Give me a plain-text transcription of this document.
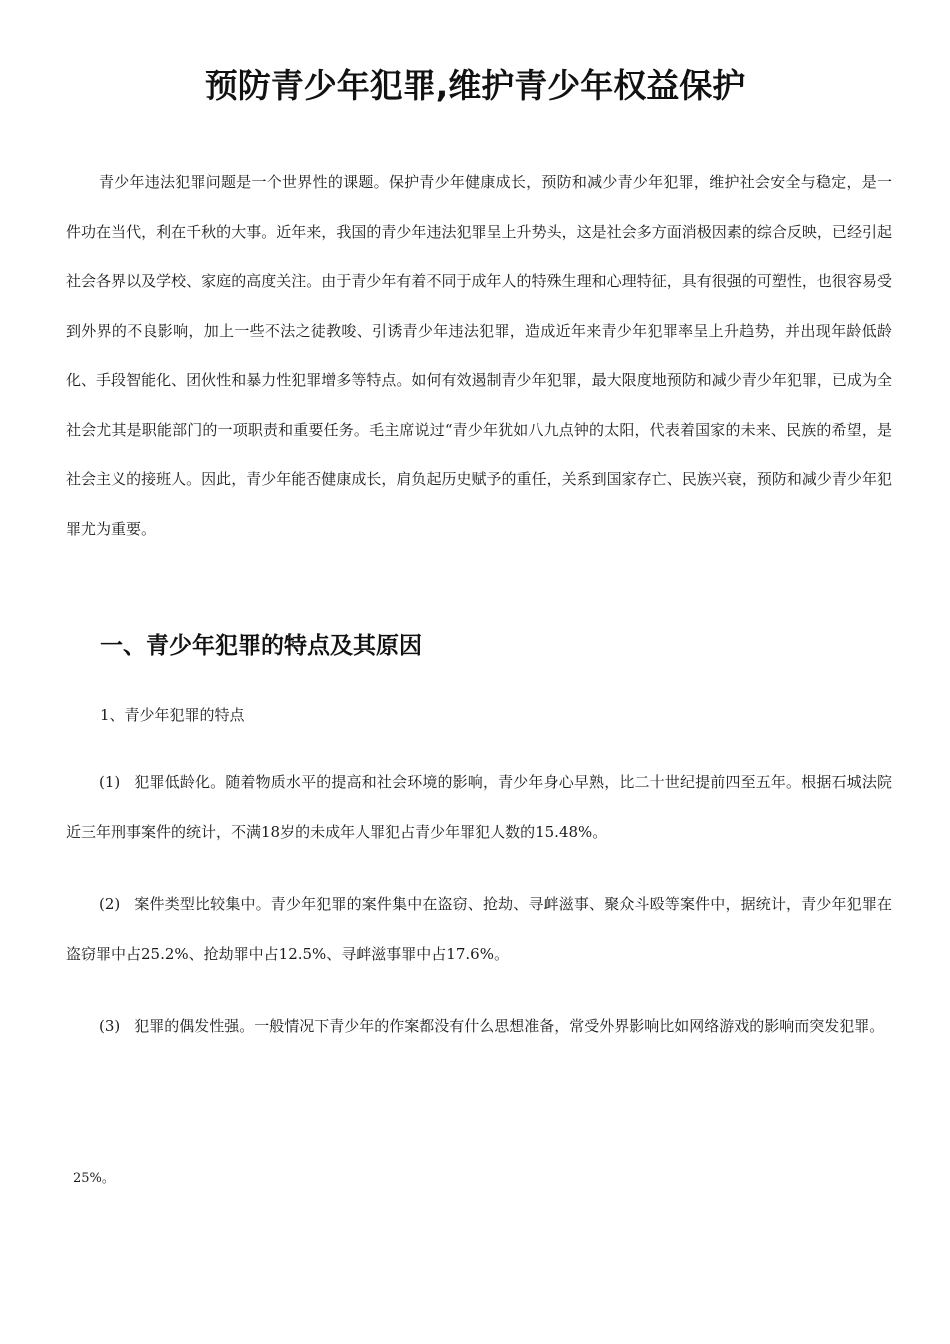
预防青少年犯罪,维护青少年权益保护

青少年违法犯罪问题是一个世界性的课题。保护青少年健康成长，预防和减少青少年犯罪，维护社会安全与稳定，是一件功在当代，利在千秋的大事。近年来，我国的青少年违法犯罪呈上升势头，这是社会多方面消极因素的综合反映，已经引起社会各界以及学校、家庭的高度关注。由于青少年有着不同于成年人的特殊生理和心理特征，具有很强的可塑性，也很容易受到外界的不良影响，加上一些不法之徒教唆、引诱青少年违法犯罪，造成近年来青少年犯罪率呈上升趋势，并出现年龄低龄化、手段智能化、团伙性和暴力性犯罪增多等特点。如何有效遏制青少年犯罪，最大限度地预防和减少青少年犯罪，已成为全社会尤其是职能部门的一项职责和重要任务。毛主席说过“青少年犹如八九点钟的太阳，代表着国家的未来、民族的希望，是社会主义的接班人。因此，青少年能否健康成长，肩负起历史赋予的重任，关系到国家存亡、民族兴衰，预防和减少青少年犯罪尤为重要。

一、青少年犯罪的特点及其原因

1、青少年犯罪的特点

(1) 犯罪低龄化。随着物质水平的提高和社会环境的影响，青少年身心早熟，比二十世纪提前四至五年。根据石城法院近三年刑事案件的统计，不满18岁的未成年人罪犯占青少年罪犯人数的15.48%。

(2) 案件类型比较集中。青少年犯罪的案件集中在盗窃、抢劫、寻衅滋事、聚众斗殴等案件中，据统计，青少年犯罪在盗窃罪中占25.2%、抢劫罪中占12.5%、寻衅滋事罪中占17.6%。

(3) 犯罪的偶发性强。一般情况下青少年的作案都没有什么思想准备，常受外界影响比如网络游戏的影响而突发犯罪。

25%。
